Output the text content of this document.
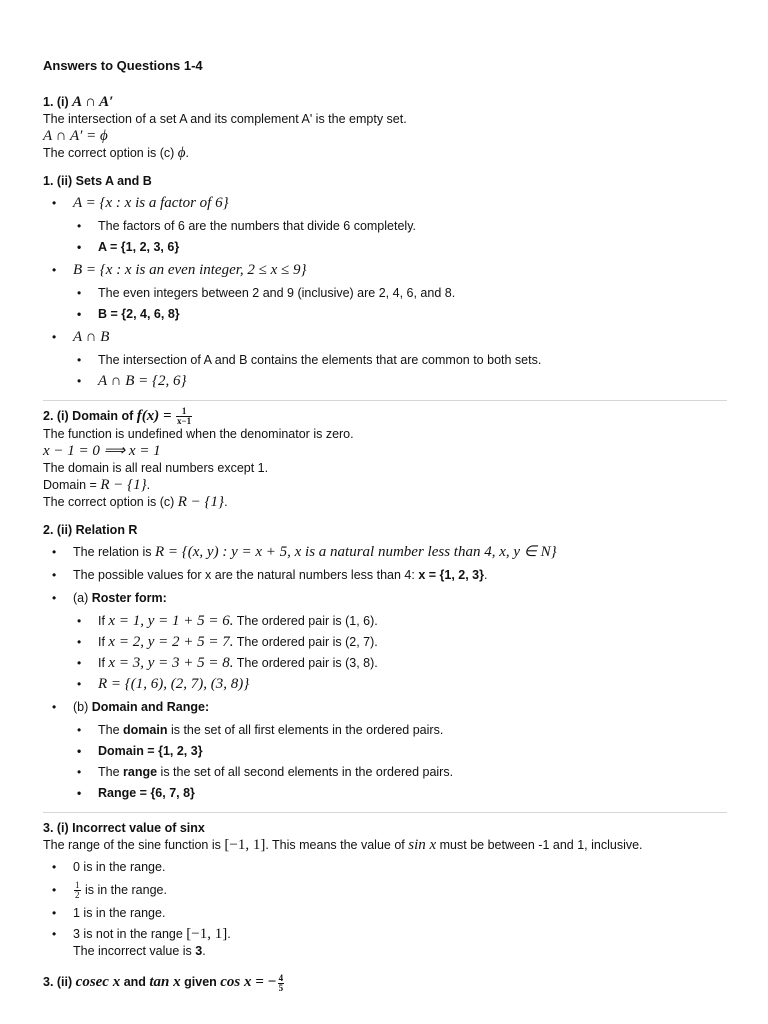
Answers to Questions 1-4

1. (i) A ∩ A′

The intersection of a set A and its complement A' is the empty set.

A ∩ A′ = ϕ

The correct option is (c) ϕ.

1. (ii) Sets A and B

• A = {x : x is a factor of 6}
• The factors of 6 are the numbers that divide 6 completely.
• A = {1, 2, 3, 6}
• B = {x : x is an even integer, 2 ≤ x ≤ 9}
• The even integers between 2 and 9 (inclusive) are 2, 4, 6, and 8.
• B = {2, 4, 6, 8}
• A ∩ B
• The intersection of A and B contains the elements that are common to both sets.
• A ∩ B = {2, 6}

2. (i) Domain of $f(x) = \frac{1}{x-1}$

The function is undefined when the denominator is zero.

x − 1 = 0 ⟹ x = 1

The domain is all real numbers except 1.

Domain = R − {1}.

The correct option is (c) R − {1}.

2. (ii) Relation R

• The relation is R = {(x, y) : y = x + 5, x is a natural number less than 4, x, y ∈ N}
• The possible values for x are the natural numbers less than 4: x = {1, 2, 3}.
• (a) Roster form:
• If x = 1, y = 1 + 5 = 6. The ordered pair is (1, 6).
• If x = 2, y = 2 + 5 = 7. The ordered pair is (2, 7).
• If x = 3, y = 3 + 5 = 8. The ordered pair is (3, 8).
• R = {(1, 6), (2, 7), (3, 8)}
• (b) Domain and Range:
• The domain is the set of all first elements in the ordered pairs.
• Domain = {1, 2, 3}
• The range is the set of all second elements in the ordered pairs.
• Range = {6, 7, 8}

3. (i) Incorrect value of sinx

The range of the sine function is [−1, 1]. This means the value of sin x must be between -1 and 1, inclusive.

• 0 is in the range.
• $\frac{1}{2}$ is in the range.
• 1 is in the range.
• 3 is not in the range [−1, 1].
The incorrect value is 3.

3. (ii) cosec x and tan x given cos x = − $\frac{4}{5}$
